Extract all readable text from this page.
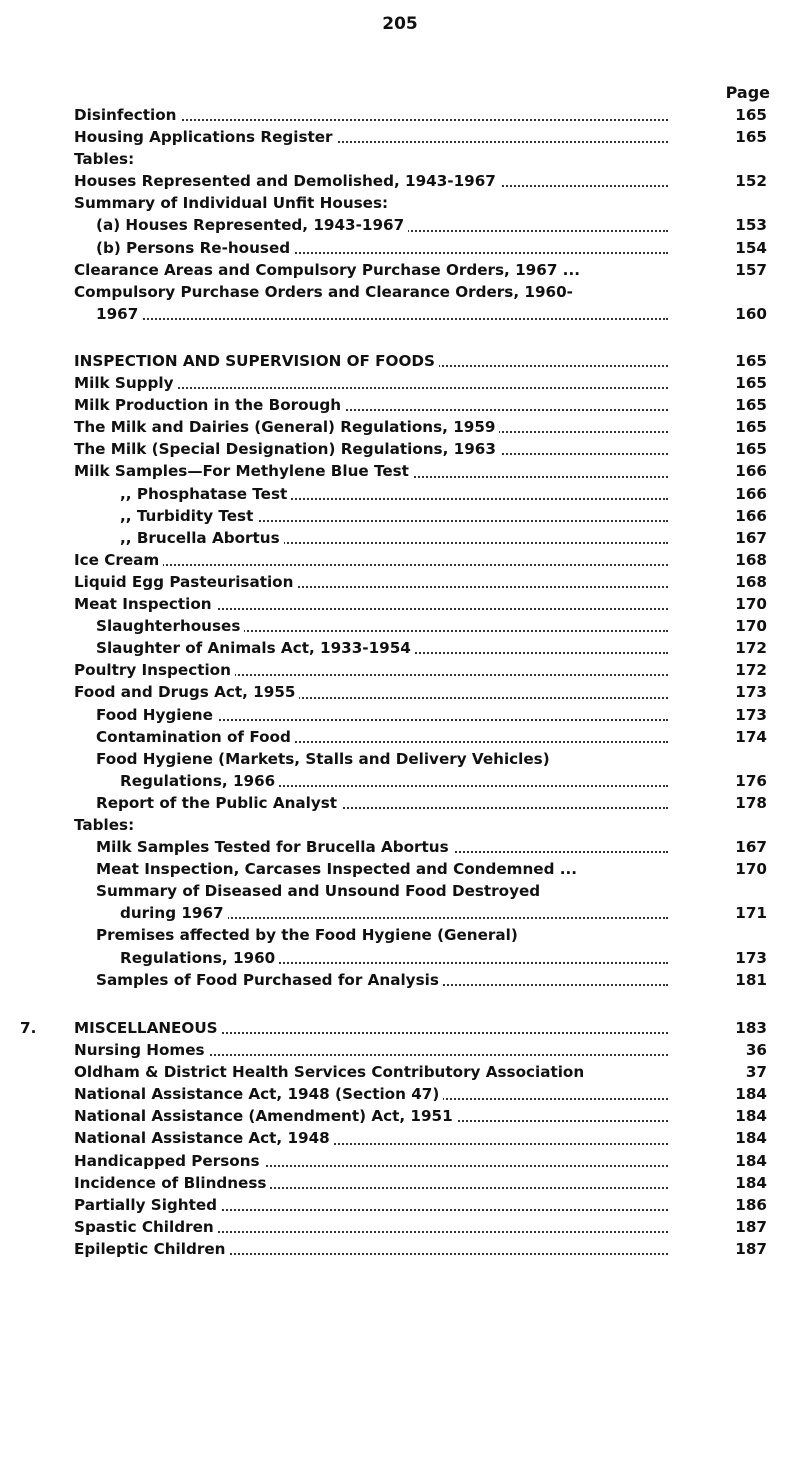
205
Page
Disinfection	165
Housing Applications Register	165
Tables:
Houses Represented and Demolished, 1943-1967	152
Summary of Individual Unfit Houses:
(a) Houses Represented, 1943-1967	153
(b) Persons Re-housed	154
Clearance Areas and Compulsory Purchase Orders, 1967 ...	157
Compulsory Purchase Orders and Clearance Orders, 1960-
1967	160
INSPECTION AND SUPERVISION OF FOODS	165
Milk Supply	165
Milk Production in the Borough	165
The Milk and Dairies (General) Regulations, 1959	165
The Milk (Special Designation) Regulations, 1963	165
Milk Samples—For Methylene Blue Test	166
,, Phosphatase Test	166
,, Turbidity Test	166
,, Brucella Abortus	167
Ice Cream	168
Liquid Egg Pasteurisation	168
Meat Inspection	170
Slaughterhouses	170
Slaughter of Animals Act, 1933-1954	172
Poultry Inspection	172
Food and Drugs Act, 1955	173
Food Hygiene	173
Contamination of Food	174
Food Hygiene (Markets, Stalls and Delivery Vehicles)
Regulations, 1966	176
Report of the Public Analyst	178
Tables:
Milk Samples Tested for Brucella Abortus	167
Meat Inspection, Carcases Inspected and Condemned ...	170
Summary of Diseased and Unsound Food Destroyed
during 1967	171
Premises affected by the Food Hygiene (General)
Regulations, 1960	173
Samples of Food Purchased for Analysis	181
7. MISCELLANEOUS	183
Nursing Homes	36
Oldham & District Health Services Contributory Association	37
National Assistance Act, 1948 (Section 47)	184
National Assistance (Amendment) Act, 1951	184
National Assistance Act, 1948	184
Handicapped Persons	184
Incidence of Blindness	184
Partially Sighted	186
Spastic Children	187
Epileptic Children	187
